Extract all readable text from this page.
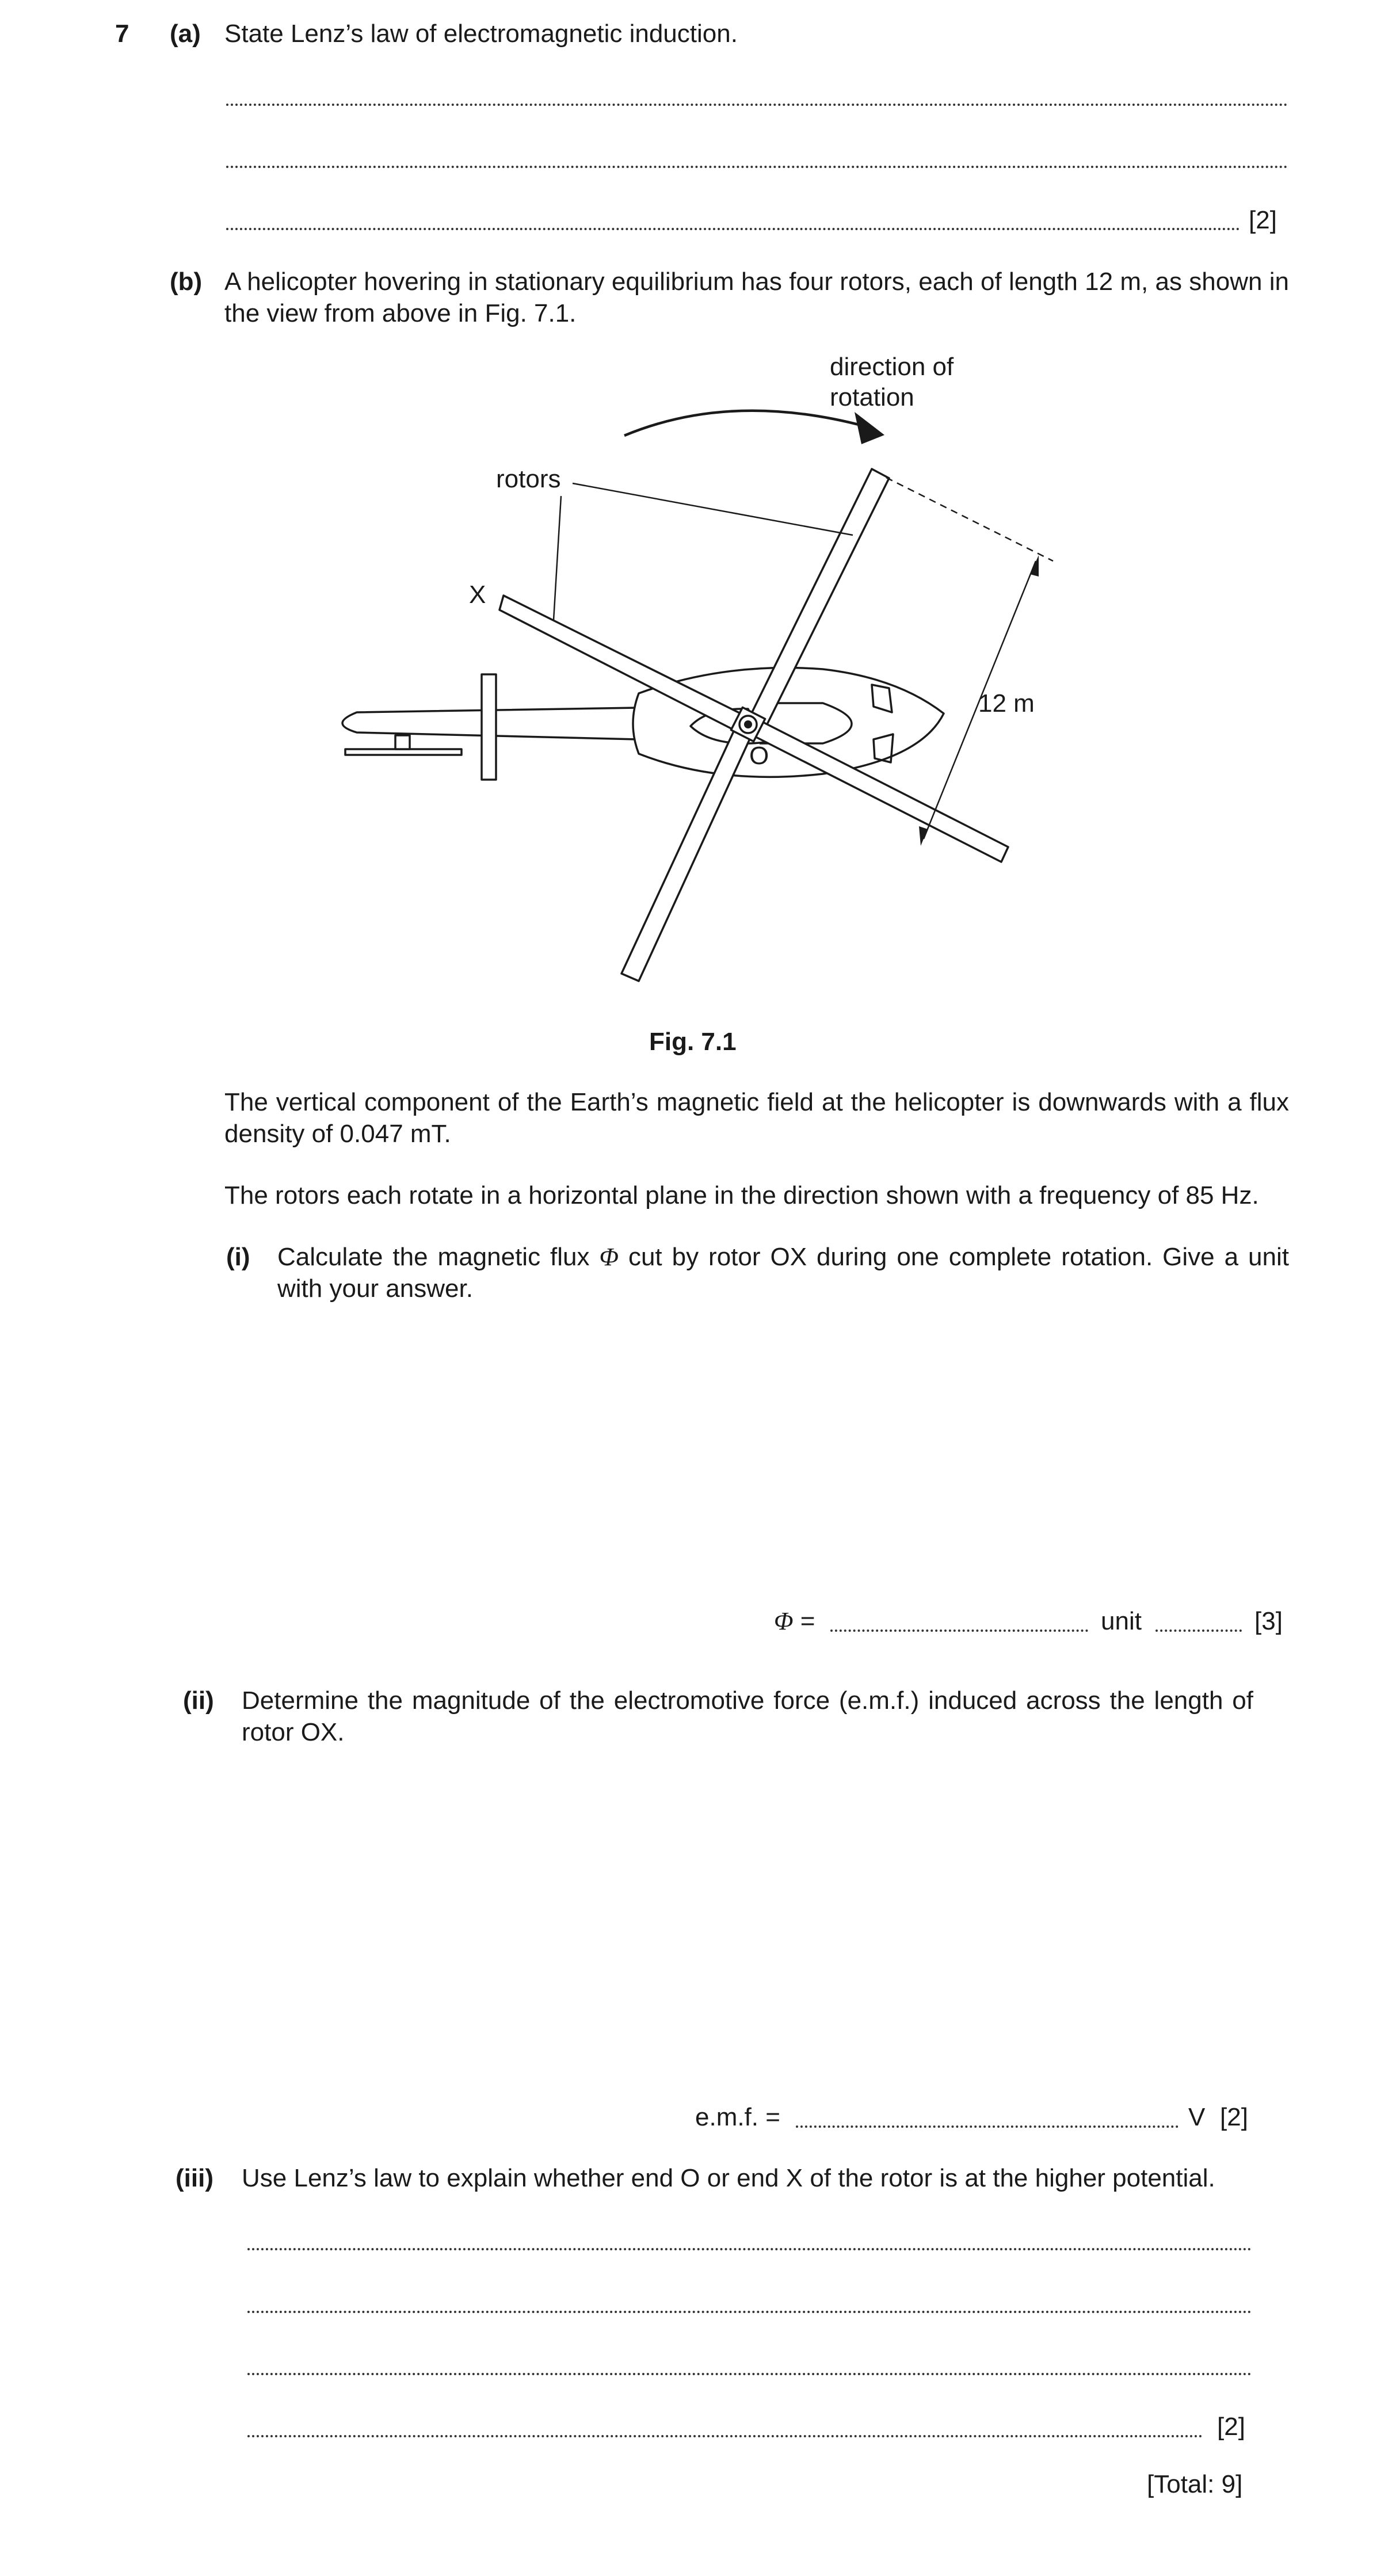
7 (a) State Lenz’s law of electromagnetic induction.
[2]
(b) A helicopter hovering in stationary equilibrium has four rotors, each of length 12 m, as shown in the view from above in Fig. 7.1.
direction of
rotation
rotors
X
O
12 m
Fig. 7.1
The vertical component of the Earth’s magnetic field at the helicopter is downwards with a flux density of 0.047 mT.
The rotors each rotate in a horizontal plane in the direction shown with a frequency of 85 Hz.
(i) Calculate the magnetic flux Φ cut by rotor OX during one complete rotation. Give a unit with your answer.
Φ =	unit	[3]
(ii) Determine the magnitude of the electromotive force (e.m.f.) induced across the length of rotor OX.
e.m.f. =	V [2]
(iii) Use Lenz’s law to explain whether end O or end X of the rotor is at the higher potential.
[2]
[Total: 9]
